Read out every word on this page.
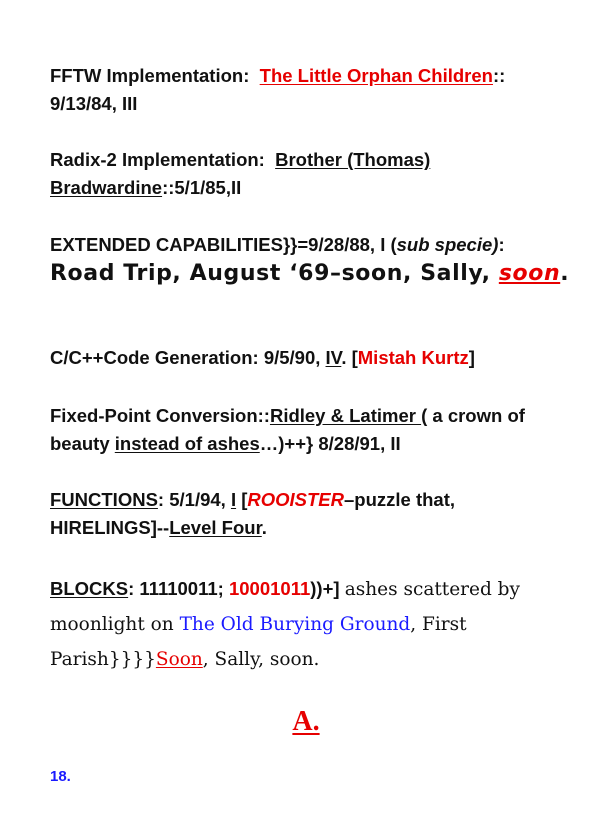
FFTW Implementation:  The Little Orphan Children:: 9/13/84, III
Radix-2 Implementation:  Brother (Thomas) Bradwardine::5/1/85,II
EXTENDED CAPABILITIES}}=9/28/88, I (sub specie): Road Trip, August ‘69–soon, Sally, soon.
C/C++Code Generation: 9/5/90, IV. [Mistah Kurtz]
Fixed-Point Conversion::Ridley & Latimer ( a crown of beauty instead of ashes…)++} 8/28/91, II
FUNCTIONS: 5/1/94, I [ROOISTER–puzzle that, HIRELINGS]--Level Four.
BLOCKS: 11110011; 10001011))+] ashes scattered by moonlight on The Old Burying Ground, First Parish}}}}Soon, Sally, soon.
A.
18.
